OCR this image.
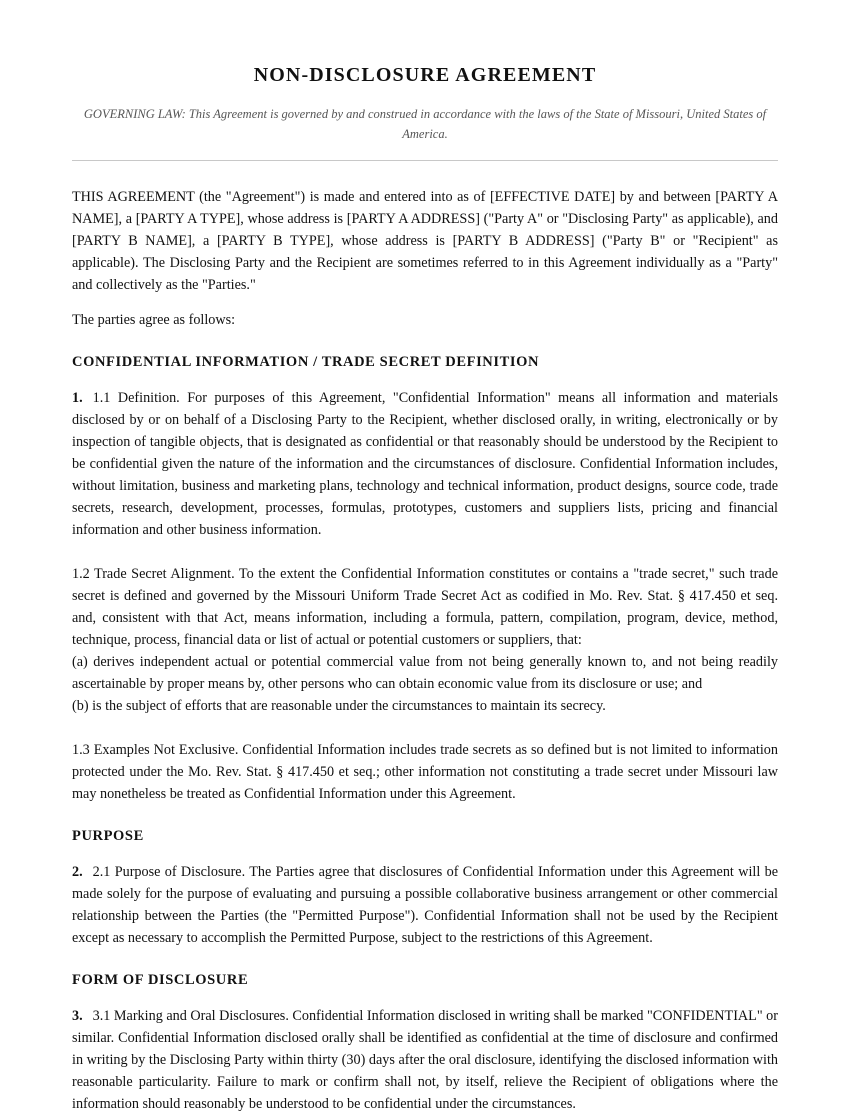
NON-DISCLOSURE AGREEMENT

GOVERNING LAW: This Agreement is governed by and construed in accordance with the laws of the State of Missouri, United States of America.

THIS AGREEMENT (the "Agreement") is made and entered into as of [EFFECTIVE DATE] by and between [PARTY A NAME], a [PARTY A TYPE], whose address is [PARTY A ADDRESS] ("Party A" or "Disclosing Party" as applicable), and [PARTY B NAME], a [PARTY B TYPE], whose address is [PARTY B ADDRESS] ("Party B" or "Recipient" as applicable). The Disclosing Party and the Recipient are sometimes referred to in this Agreement individually as a "Party" and collectively as the "Parties."

The parties agree as follows:

CONFIDENTIAL INFORMATION / TRADE SECRET DEFINITION

1. 1.1 Definition. For purposes of this Agreement, "Confidential Information" means all information and materials disclosed by or on behalf of a Disclosing Party to the Recipient, whether disclosed orally, in writing, electronically or by inspection of tangible objects, that is designated as confidential or that reasonably should be understood by the Recipient to be confidential given the nature of the information and the circumstances of disclosure. Confidential Information includes, without limitation, business and marketing plans, technology and technical information, product designs, source code, trade secrets, research, development, processes, formulas, prototypes, customers and suppliers lists, pricing and financial information and other business information.

1.2 Trade Secret Alignment. To the extent the Confidential Information constitutes or contains a "trade secret," such trade secret is defined and governed by the Missouri Uniform Trade Secret Act as codified in Mo. Rev. Stat. § 417.450 et seq. and, consistent with that Act, means information, including a formula, pattern, compilation, program, device, method, technique, process, financial data or list of actual or potential customers or suppliers, that:
(a) derives independent actual or potential commercial value from not being generally known to, and not being readily ascertainable by proper means by, other persons who can obtain economic value from its disclosure or use; and
(b) is the subject of efforts that are reasonable under the circumstances to maintain its secrecy.

1.3 Examples Not Exclusive. Confidential Information includes trade secrets as so defined but is not limited to information protected under the Mo. Rev. Stat. § 417.450 et seq.; other information not constituting a trade secret under Missouri law may nonetheless be treated as Confidential Information under this Agreement.

PURPOSE

2. 2.1 Purpose of Disclosure. The Parties agree that disclosures of Confidential Information under this Agreement will be made solely for the purpose of evaluating and pursuing a possible collaborative business arrangement or other commercial relationship between the Parties (the "Permitted Purpose"). Confidential Information shall not be used by the Recipient except as necessary to accomplish the Permitted Purpose, subject to the restrictions of this Agreement.

FORM OF DISCLOSURE

3. 3.1 Marking and Oral Disclosures. Confidential Information disclosed in writing shall be marked "CONFIDENTIAL" or similar. Confidential Information disclosed orally shall be identified as confidential at the time of disclosure and confirmed in writing by the Disclosing Party within thirty (30) days after the oral disclosure, identifying the disclosed information with reasonable particularity. Failure to mark or confirm shall not, by itself, relieve the Recipient of obligations where the information should reasonably be understood to be confidential under the circumstances.
